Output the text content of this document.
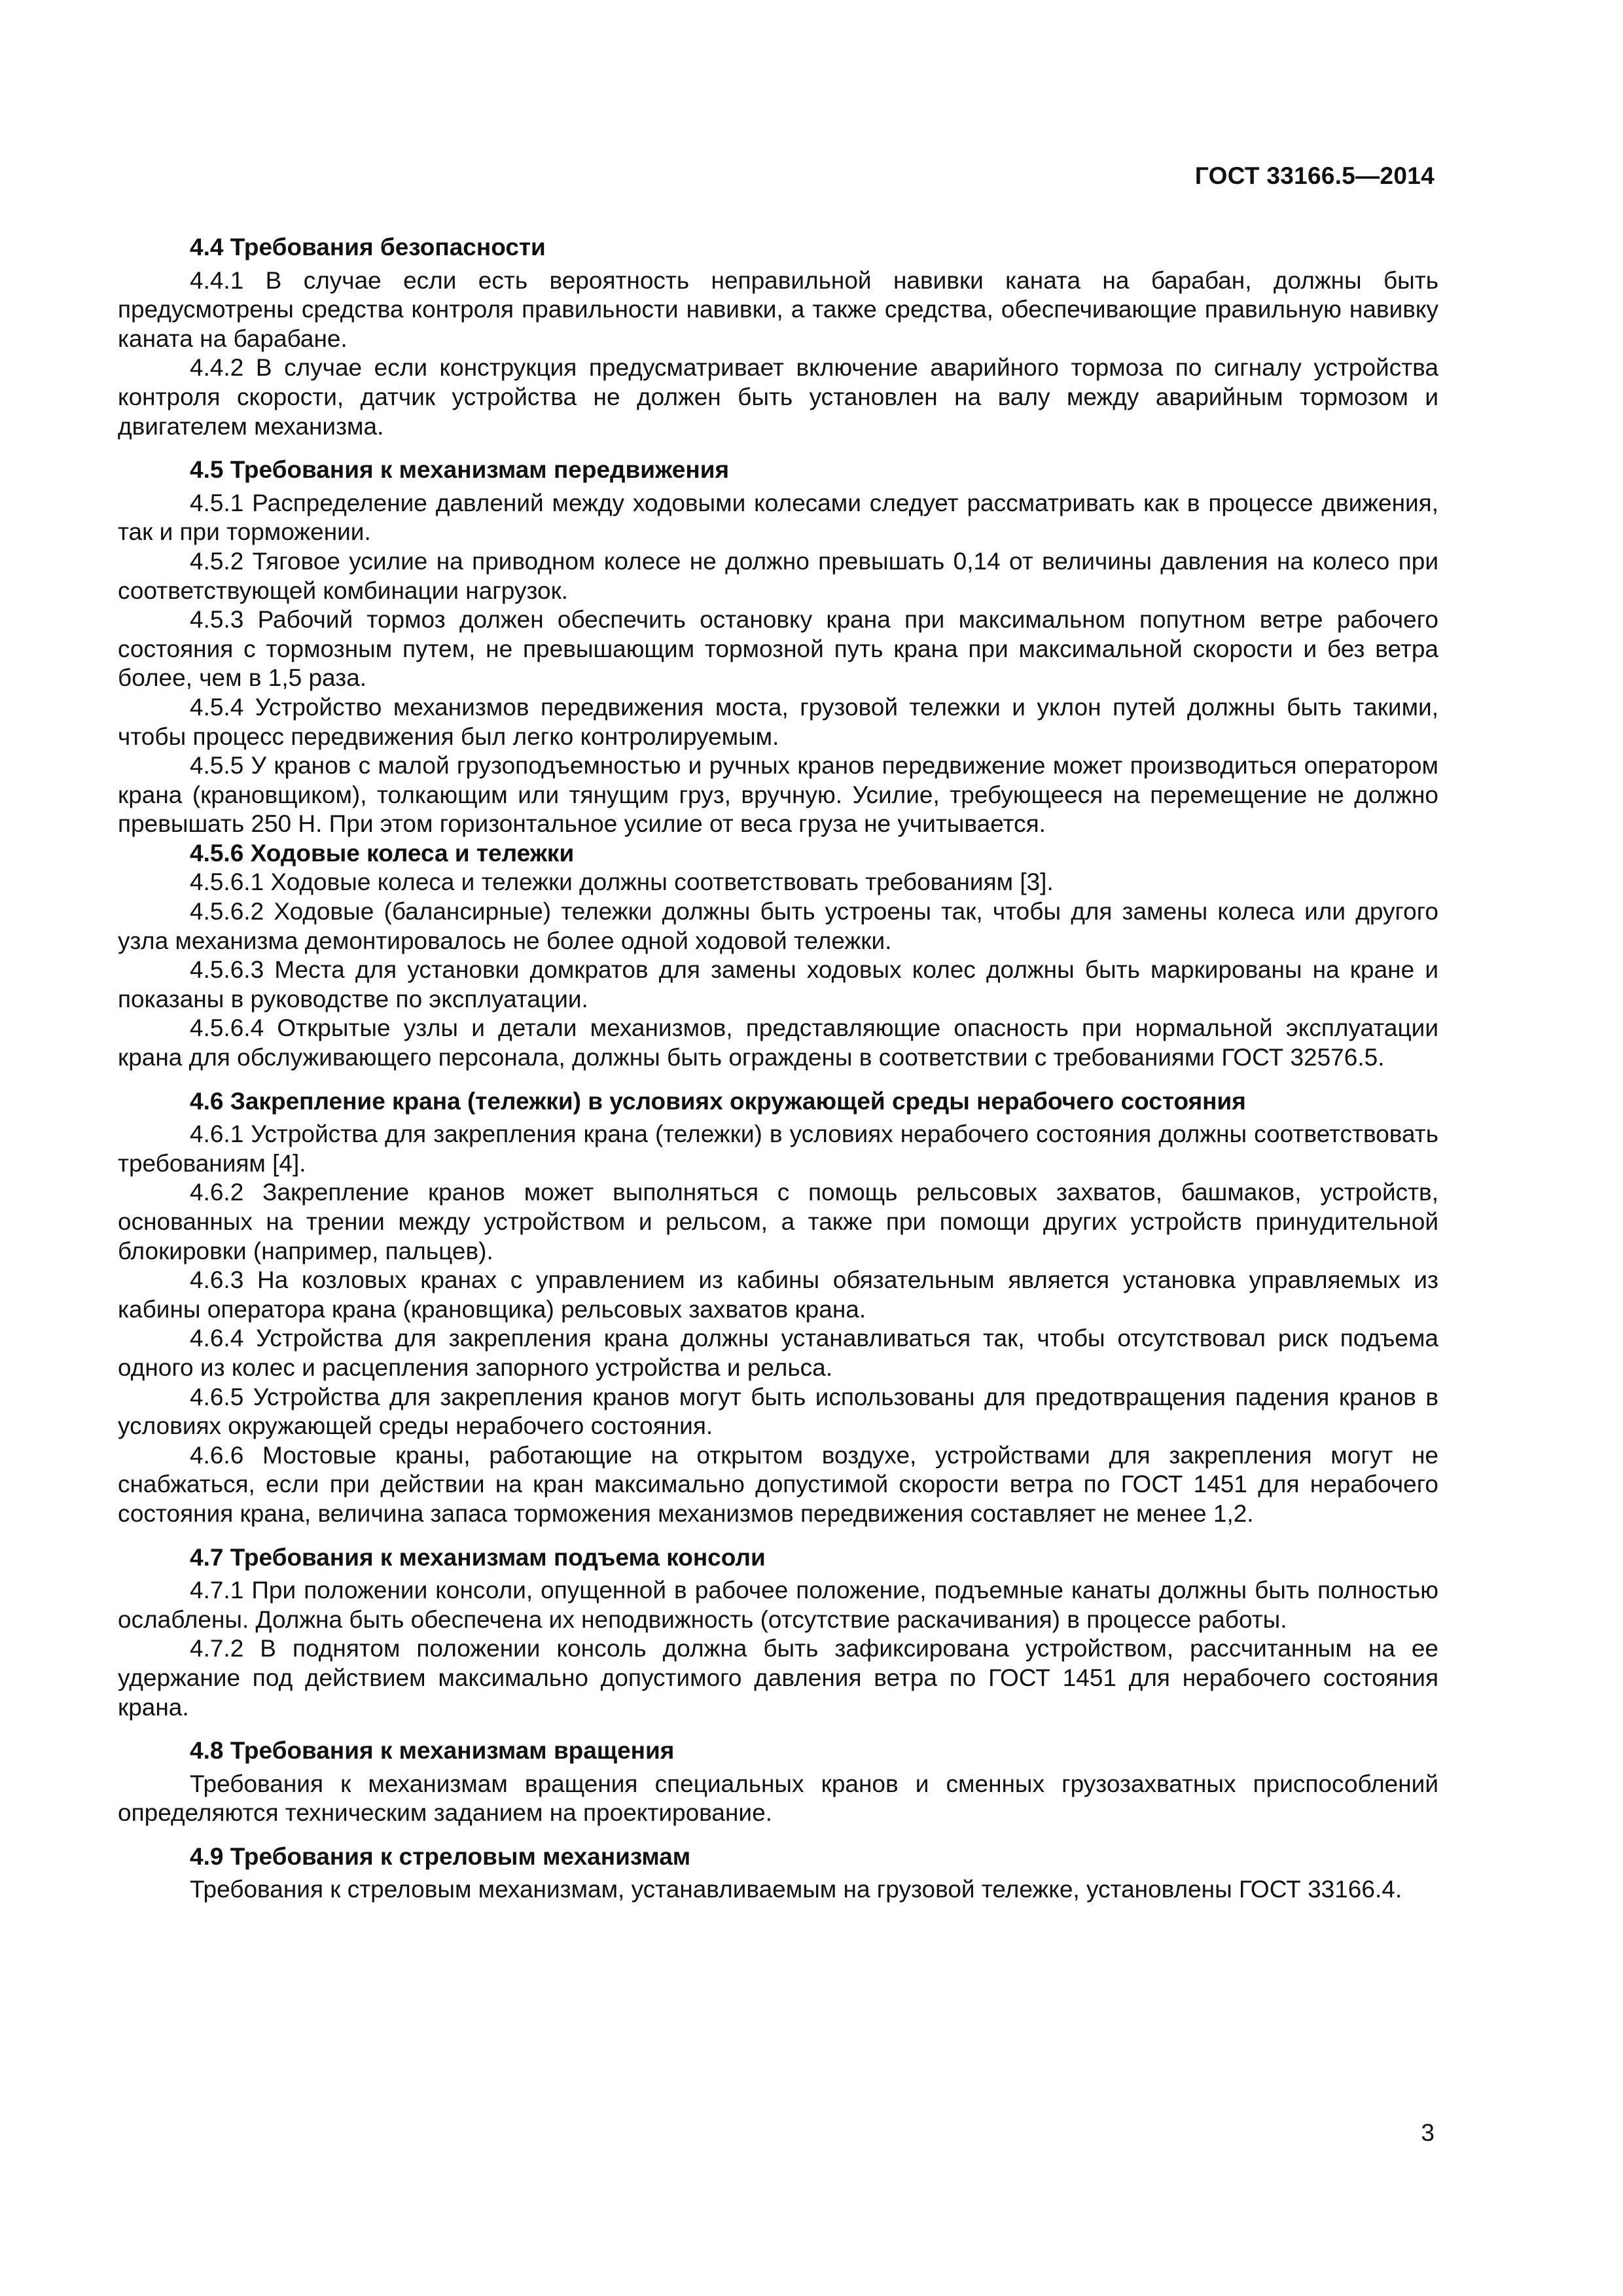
ГОСТ 33166.5—2014
4.4 Требования безопасности

4.4.1 В случае если есть вероятность неправильной навивки каната на барабан, должны быть предусмотрены средства контроля правильности навивки, а также средства, обеспечивающие правильную навивку каната на барабане.

4.4.2 В случае если конструкция предусматривает включение аварийного тормоза по сигналу устройства контроля скорости, датчик устройства не должен быть установлен на валу между аварийным тормозом и двигателем механизма.

4.5 Требования к механизмам передвижения

4.5.1 Распределение давлений между ходовыми колесами следует рассматривать как в процессе движения, так и при торможении.

4.5.2 Тяговое усилие на приводном колесе не должно превышать 0,14 от величины давления на колесо при соответствующей комбинации нагрузок.

4.5.3 Рабочий тормоз должен обеспечить остановку крана при максимальном попутном ветре рабочего состояния с тормозным путем, не превышающим тормозной путь крана при максимальной скорости и без ветра более, чем в 1,5 раза.

4.5.4 Устройство механизмов передвижения моста, грузовой тележки и уклон путей должны быть такими, чтобы процесс передвижения был легко контролируемым.

4.5.5 У кранов с малой грузоподъемностью и ручных кранов передвижение может производиться оператором крана (крановщиком), толкающим или тянущим груз, вручную. Усилие, требующееся на перемещение не должно превышать 250 Н. При этом горизонтальное усилие от веса груза не учитывается.

4.5.6 Ходовые колеса и тележки

4.5.6.1 Ходовые колеса и тележки должны соответствовать требованиям [3].

4.5.6.2 Ходовые (балансирные) тележки должны быть устроены так, чтобы для замены колеса или другого узла механизма демонтировалось не более одной ходовой тележки.

4.5.6.3 Места для установки домкратов для замены ходовых колес должны быть маркированы на кране и показаны в руководстве по эксплуатации.

4.5.6.4 Открытые узлы и детали механизмов, представляющие опасность при нормальной эксплуатации крана для обслуживающего персонала, должны быть ограждены в соответствии с требованиями ГОСТ 32576.5.

4.6 Закрепление крана (тележки) в условиях окружающей среды нерабочего состояния

4.6.1 Устройства для закрепления крана (тележки) в условиях нерабочего состояния должны соответствовать требованиям [4].

4.6.2 Закрепление кранов может выполняться с помощь рельсовых захватов, башмаков, устройств, основанных на трении между устройством и рельсом, а также при помощи других устройств принудительной блокировки (например, пальцев).

4.6.3 На козловых кранах с управлением из кабины обязательным является установка управляемых из кабины оператора крана (крановщика) рельсовых захватов крана.

4.6.4 Устройства для закрепления крана должны устанавливаться так, чтобы отсутствовал риск подъема одного из колес и расцепления запорного устройства и рельса.

4.6.5 Устройства для закрепления кранов могут быть использованы для предотвращения падения кранов в условиях окружающей среды нерабочего состояния.

4.6.6 Мостовые краны, работающие на открытом воздухе, устройствами для закрепления могут не снабжаться, если при действии на кран максимально допустимой скорости ветра по ГОСТ 1451 для нерабочего состояния крана, величина запаса торможения механизмов передвижения составляет не менее 1,2.

4.7 Требования к механизмам подъема консоли

4.7.1 При положении консоли, опущенной в рабочее положение, подъемные канаты должны быть полностью ослаблены. Должна быть обеспечена их неподвижность (отсутствие раскачивания) в процессе работы.

4.7.2 В поднятом положении консоль должна быть зафиксирована устройством, рассчитанным на ее удержание под действием максимально допустимого давления ветра по ГОСТ 1451 для нерабочего состояния крана.

4.8 Требования к механизмам вращения

Требования к механизмам вращения специальных кранов и сменных грузозахватных приспособлений определяются техническим заданием на проектирование.

4.9 Требования к стреловым механизмам

Требования к стреловым механизмам, устанавливаемым на грузовой тележке, установлены ГОСТ 33166.4.

3
